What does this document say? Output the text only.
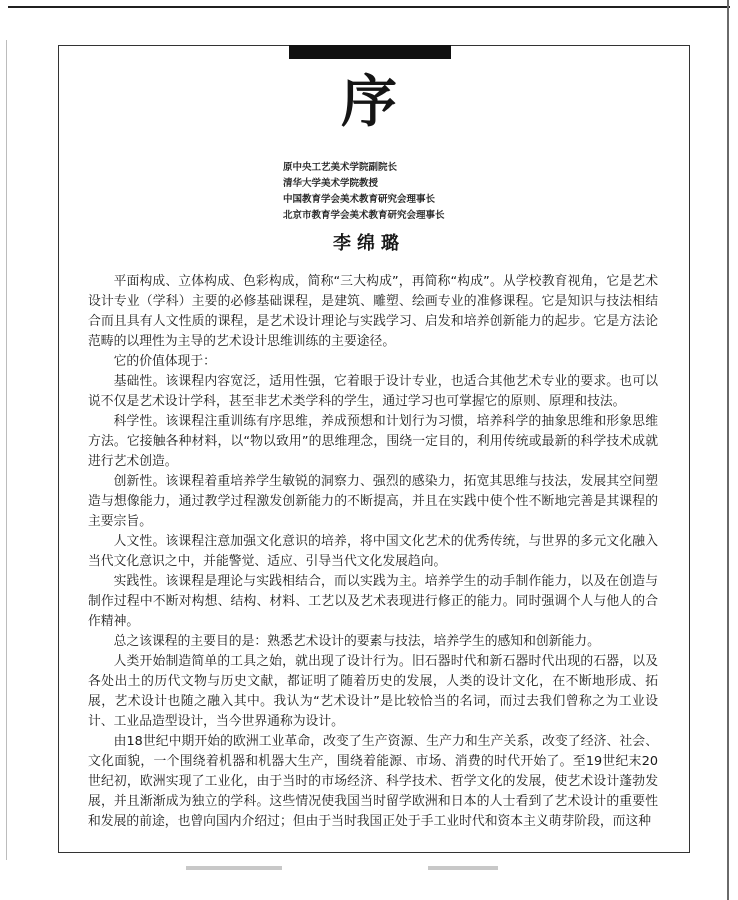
序
原中央工艺美术学院副院长
清华大学美术学院教授
中国教育学会美术教育研究会理事长
北京市教育学会美术教育研究会理事长
李绵璐

平面构成、立体构成、色彩构成，简称“三大构成”，再简称“构成”。从学校教育视角，它是艺术设计专业（学科）主要的必修基础课程，是建筑、雕塑、绘画专业的准修课程。它是知识与技法相结合而且具有人文性质的课程，是艺术设计理论与实践学习、启发和培养创新能力的起步。它是方法论范畴的以理性为主导的艺术设计思维训练的主要途径。

它的价值体现于：

基础性。该课程内容宽泛，适用性强，它着眼于设计专业，也适合其他艺术专业的要求。也可以说不仅是艺术设计学科，甚至非艺术类学科的学生，通过学习也可掌握它的原则、原理和技法。

科学性。该课程注重训练有序思维，养成预想和计划行为习惯，培养科学的抽象思维和形象思维方法。它接触各种材料，以“物以致用”的思维理念，围绕一定目的，利用传统或最新的科学技术成就进行艺术创造。

创新性。该课程着重培养学生敏锐的洞察力、强烈的感染力，拓宽其思维与技法，发展其空间塑造与想像能力，通过教学过程激发创新能力的不断提高，并且在实践中使个性不断地完善是其课程的主要宗旨。

人文性。该课程注意加强文化意识的培养，将中国文化艺术的优秀传统，与世界的多元文化融入当代文化意识之中，并能警觉、适应、引导当代文化发展趋向。

实践性。该课程是理论与实践相结合，而以实践为主。培养学生的动手制作能力，以及在创造与制作过程中不断对构想、结构、材料、工艺以及艺术表现进行修正的能力。同时强调个人与他人的合作精神。

总之该课程的主要目的是：熟悉艺术设计的要素与技法，培养学生的感知和创新能力。

人类开始制造简单的工具之始，就出现了设计行为。旧石器时代和新石器时代出现的石器，以及各处出土的历代文物与历史文献，都证明了随着历史的发展，人类的设计文化，在不断地形成、拓展，艺术设计也随之融入其中。我认为“艺术设计”是比较恰当的名词，而过去我们曾称之为工业设计、工业品造型设计，当今世界通称为设计。

由18世纪中期开始的欧洲工业革命，改变了生产资源、生产力和生产关系，改变了经济、社会、文化面貌，一个围绕着机器和机器大生产，围绕着能源、市场、消费的时代开始了。至19世纪末20世纪初，欧洲实现了工业化，由于当时的市场经济、科学技术、哲学文化的发展，使艺术设计蓬勃发展，并且渐渐成为独立的学科。这些情况使我国当时留学欧洲和日本的人士看到了艺术设计的重要性和发展的前途，也曾向国内介绍过；但由于当时我国正处于手工业时代和资本主义萌芽阶段，而这种
